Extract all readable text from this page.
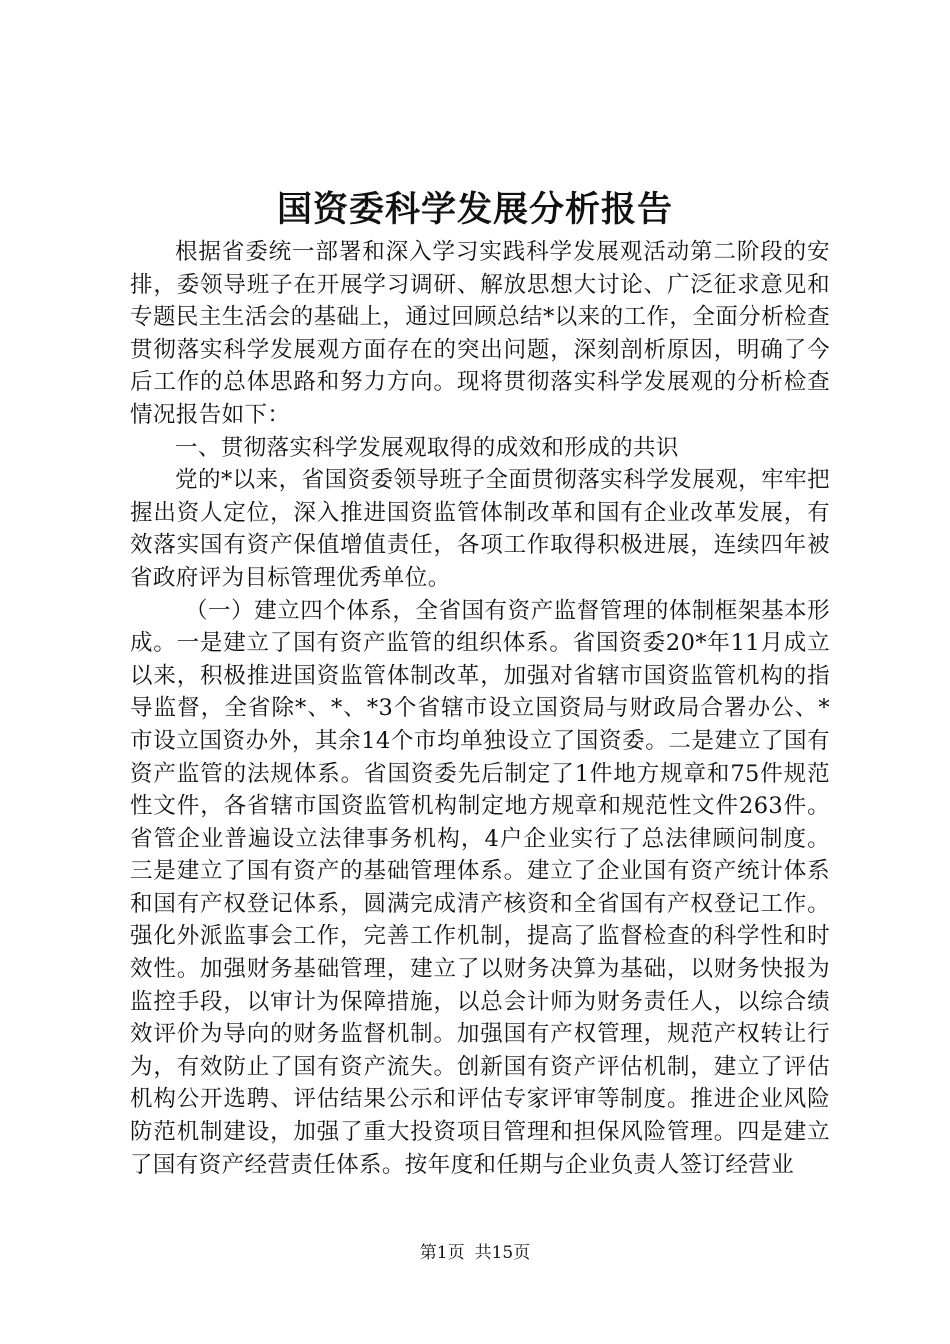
国资委科学发展分析报告

根据省委统一部署和深入学习实践科学发展观活动第二阶段的安排，委领导班子在开展学习调研、解放思想大讨论、广泛征求意见和专题民主生活会的基础上，通过回顾总结*以来的工作，全面分析检查贯彻落实科学发展观方面存在的突出问题，深刻剖析原因，明确了今后工作的总体思路和努力方向。现将贯彻落实科学发展观的分析检查情况报告如下：

一、贯彻落实科学发展观取得的成效和形成的共识

党的*以来，省国资委领导班子全面贯彻落实科学发展观，牢牢把握出资人定位，深入推进国资监管体制改革和国有企业改革发展，有效落实国有资产保值增值责任，各项工作取得积极进展，连续四年被省政府评为目标管理优秀单位。

（一）建立四个体系，全省国有资产监督管理的体制框架基本形成。一是建立了国有资产监管的组织体系。省国资委20*年11月成立以来，积极推进国资监管体制改革，加强对省辖市国资监管机构的指导监督，全省除*、*、*3个省辖市设立国资局与财政局合署办公、*市设立国资办外，其余14个市均单独设立了国资委。二是建立了国有资产监管的法规体系。省国资委先后制定了1件地方规章和75件规范性文件，各省辖市国资监管机构制定地方规章和规范性文件263件。省管企业普遍设立法律事务机构，4户企业实行了总法律顾问制度。三是建立了国有资产的基础管理体系。建立了企业国有资产统计体系和国有产权登记体系，圆满完成清产核资和全省国有产权登记工作。强化外派监事会工作，完善工作机制，提高了监督检查的科学性和时效性。加强财务基础管理，建立了以财务决算为基础，以财务快报为监控手段，以审计为保障措施，以总会计师为财务责任人，以综合绩效评价为导向的财务监督机制。加强国有产权管理，规范产权转让行为，有效防止了国有资产流失。创新国有资产评估机制，建立了评估机构公开选聘、评估结果公示和评估专家评审等制度。推进企业风险防范机制建设，加强了重大投资项目管理和担保风险管理。四是建立了国有资产经营责任体系。按年度和任期与企业负责人签订经营业

第1页 共15页
